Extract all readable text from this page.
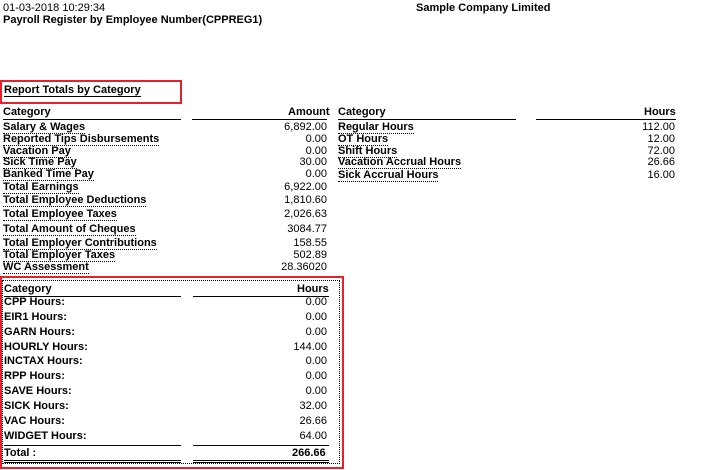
01-03-2018 10:29:34
Payroll Register by Employee Number(CPPREG1)
Sample Company Limited
Report Totals by Category
Category	Amount
Salary & Wages	6,892.00
Reported Tips Disbursements	0.00
Vacation Pay	0.00
Sick Time Pay	30.00
Banked Time Pay	0.00
Total Earnings	6,922.00
Total Employee Deductions	1,810.60
Total Employee Taxes	2,026.63
Total Amount of Cheques	3084.77
Total Employer Contributions	158.55
Total Employer Taxes	502.89
WC Assessment	28.36020
Category	Hours
Regular Hours	112.00
OT Hours	12.00
Shift Hours	72.00
Vacation Accrual Hours	26.66
Sick Accrual Hours	16.00
Category	Hours
CPP Hours:	0.00
EIR1 Hours:	0.00
GARN Hours:	0.00
HOURLY Hours:	144.00
INCTAX Hours:	0.00
RPP Hours:	0.00
SAVE Hours:	0.00
SICK Hours:	32.00
VAC Hours:	26.66
WIDGET Hours:	64.00
Total :	266.66
